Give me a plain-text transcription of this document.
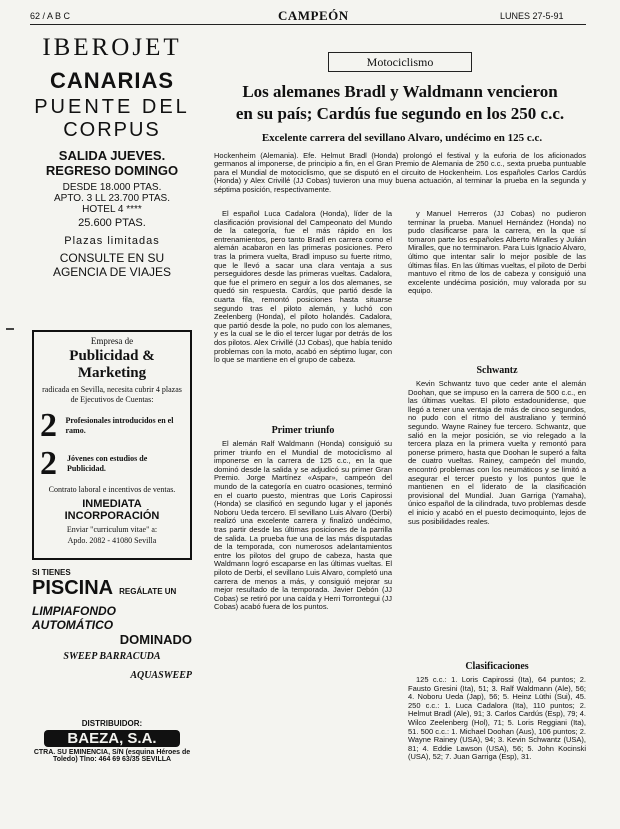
62 / A B C	CAMPEÓN	LUNES 27-5-91
IBEROJET
CANARIAS
PUENTE DEL
CORPUS
SALIDA JUEVES.
REGRESO DOMINGO
DESDE 18.000 PTAS.
APTO. 3 LL 23.700 PTAS.
HOTEL 4 ****
25.600 PTAS.
Plazas limitadas
CONSULTE EN SU
AGENCIA DE VIAJES
Empresa de
Publicidad & Marketing
radicada en Sevilla, necesita cubrir 4 plazas de Ejecutivos de Cuentas:
2	Profesionales introducidos en el ramo.
2	Jóvenes con estudios de Publicidad.
Contrato laboral e incentivos de ventas.
INMEDIATA
INCORPORACIÓN
Enviar "curriculum vitae" a:
Apdo. 2082 - 41080 Sevilla
SI TIENES
PISCINA REGÁLATE UN
LIMPIAFONDO AUTOMÁTICO
DOMINADO
SWEEP BARRACUDA
AQUASWEEP
DISTRIBUIDOR:
BAEZA, S.A.
CTRA. SU EMINENCIA, S/N (esquina Héroes de Toledo) Tlno: 464 69 63/35 SEVILLA
Motociclismo
Los alemanes Bradl y Waldmann vencieron
en su país; Cardús fue segundo en los 250 c.c.
Excelente carrera del sevillano Alvaro, undécimo en 125 c.c.
Hockenheim (Alemania). Efe. Helmut Bradl (Honda) prolongó el festival y la euforia de los aficionados germanos al imponerse, de principio a fin, en el Gran Premio de Alemania de 250 c.c., sexta prueba puntuable para el Mundial de motociclismo, que se disputó en el circuito de Hockenheim. Los españoles Carlos Cardús (Honda) y Alex Crivillé (JJ Cobas) tuvieron una muy buena actuación, al terminar la prueba en la segunda y séptima posición, respectivamente.

El español Luca Cadalora (Honda), líder de la clasificación provisional del Campeonato del Mundo de la categoría, fue el más rápido en los entrenamientos, pero tanto Bradl en carrera como el alemán acabaron en las primeras posiciones. Pero tras la primera vuelta, Bradl impuso su fuerte ritmo, que le llevó a sacar una clara ventaja a sus perseguidores desde las primeras vueltas. Cadalora, que fue el primero en seguir a los dos alemanes, se quedó sin respuesta. Cardús, que partió desde la cuarta fila, remontó posiciones hasta situarse segundo tras el piloto alemán, y luchó con Zeelenberg (Honda), el piloto holandés. Cadalora, que partió desde la pole, no pudo con los alemanes, y es la cual se le dio el tercer lugar por detrás de los dos pilotos. Alex Crivillé (JJ Cobas), que había tenido problemas con la moto, acabó en séptimo lugar, con lo que se mantiene en el grupo de cabeza.

y Manuel Herreros (JJ Cobas) no pudieron terminar la prueba. Manuel Hernández (Honda) no pudo clasificarse para la carrera, en la que sí tomaron parte los españoles Alberto Miralles y Julián Miralles, que no terminaron. Para Luis Ignacio Alvaro, último que intentar salir lo mejor posible de las últimas filas. En las últimas vueltas, el piloto de Derbi mantuvo el ritmo de los de cabeza y consiguió una excelente undécima posición, muy valorada por su equipo.

Primer triunfo

El alemán Ralf Waldmann (Honda) consiguió su primer triunfo en el Mundial de motociclismo al imponerse en la carrera de 125 c.c., en la que dominó desde la salida y se adjudicó su primer Gran Premio. Jorge Martínez «Aspar», campeón del mundo de la categoría en cuatro ocasiones, terminó en el cuarto puesto, mientras que Loris Capirossi (Honda) se clasificó en segundo lugar y el japonés Noboru Ueda tercero. El sevillano Luis Alvaro (Derbi) realizó una excelente carrera y finalizó undécimo, tras partir desde las últimas posiciones de la parrilla de salida. La prueba fue una de las más disputadas de la temporada, con numerosos adelantamientos entre los pilotos del grupo de cabeza, hasta que Waldmann logró escaparse en las últimas vueltas. El piloto de Derbi, el sevillano Luis Alvaro, completó una carrera de menos a más, y consiguió mejorar su mejor resultado de la temporada. Javier Debón (JJ Cobas) se retiró por una caída y Herri Torrontegui (JJ Cobas) acabó fuera de los puntos.

Schwantz

Kevin Schwantz tuvo que ceder ante el alemán Doohan, que se impuso en la carrera de 500 c.c., en las últimas vueltas. El piloto estadounidense, que llegó a tener una ventaja de más de cinco segundos, no pudo con el ritmo del australiano y terminó segundo. Wayne Rainey fue tercero. Schwantz, que salió en la mejor posición, se vio relegado a la tercera plaza en la primera vuelta y remontó para ponerse primero, hasta que Doohan le superó a falta de cuatro vueltas. Rainey, campeón del mundo, encontró problemas con los neumáticos y se limitó a asegurar el tercer puesto y los puntos que le mantienen en el liderato de la clasificación provisional del Mundial. Juan Garriga (Yamaha), único español de la cilindrada, tuvo problemas desde el inicio y acabó en el puesto decimoquinto, lejos de sus posibilidades reales.

Clasificaciones

125 c.c.: 1. Loris Capirossi (Ita), 64 puntos; 2. Fausto Gresini (Ita), 51; 3. Ralf Waldmann (Ale), 56; 4. Noboru Ueda (Jap), 56; 5. Heinz Lüthi (Sui), 45. 250 c.c.: 1. Luca Cadalora (Ita), 110 puntos; 2. Helmut Bradl (Ale), 91; 3. Carlos Cardús (Esp), 79; 4. Wilco Zeelenberg (Hol), 71; 5. Loris Reggiani (Ita), 51. 500 c.c.: 1. Michael Doohan (Aus), 106 puntos; 2. Wayne Rainey (USA), 94; 3. Kevin Schwantz (USA), 81; 4. Eddie Lawson (USA), 56; 5. John Kocinski (USA), 52; 7. Juan Garriga (Esp), 31.
